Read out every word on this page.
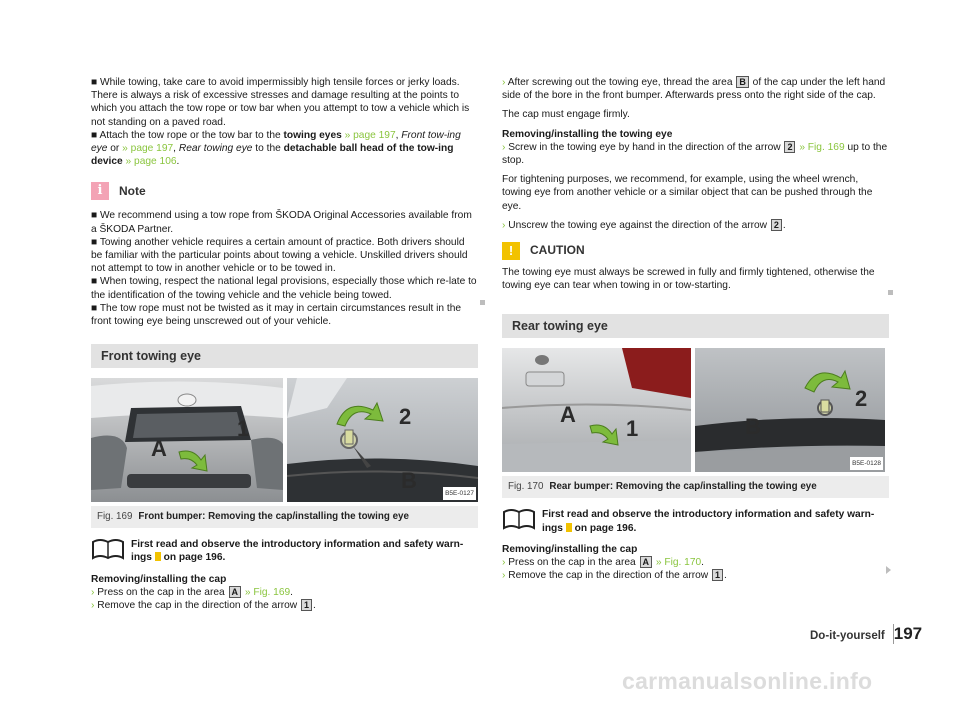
■ While towing, take care to avoid impermissibly high tensile forces or jerky loads. There is always a risk of excessive stresses and damage resulting at the points to which you attach the tow rope or tow bar when you attempt to tow a vehicle which is not standing on a paved road.

■ Attach the tow rope or the tow bar to the towing eyes » page 197, Front tow-ing eye or » page 197, Rear towing eye to the detachable ball head of the tow-ing device » page 106.

i	Note

■ We recommend using a tow rope from ŠKODA Original Accessories available from a ŠKODA Partner.

■ Towing another vehicle requires a certain amount of practice. Both drivers should be familiar with the particular points about towing a vehicle. Unskilled drivers should not attempt to tow in another vehicle or to be towed in.

■ When towing, respect the national legal provisions, especially those which re-late to the identification of the towing vehicle and the vehicle being towed.

■ The tow rope must not be twisted as it may in certain circumstances result in the front towing eye being unscrewed out of your vehicle.

Front towing eye
A
1	2
B
B5E-0127
Fig. 169 Front bumper: Removing the cap/installing the towing eye
First read and observe the introductory information and safety warn-ings  on page 196.

Removing/installing the cap

› Press on the cap in the area A » Fig. 169.

› Remove the cap in the direction of the arrow 1 .

› After screwing out the towing eye, thread the area B of the cap under the left hand side of the bore in the front bumper. Afterwards press onto the right side of the cap.

The cap must engage firmly.

Removing/installing the towing eye

› Screw in the towing eye by hand in the direction of the arrow 2 » Fig. 169 up to the stop.

For tightening purposes, we recommend, for example, using the wheel wrench, towing eye from another vehicle or a similar object that can be pushed through the eye.

› Unscrew the towing eye against the direction of the arrow 2 .

!	CAUTION

The towing eye must always be screwed in fully and firmly tightened, otherwise the towing eye can tear when towing in or tow-starting.

Rear towing eye
A
1
2
B
B5E-0128
Fig. 170 Rear bumper: Removing the cap/installing the towing eye
First read and observe the introductory information and safety warn-ings  on page 196.

Removing/installing the cap

› Press on the cap in the area A » Fig. 170.

› Remove the cap in the direction of the arrow 1 .

Do-it-yourself 197
carmanualsonline.info
